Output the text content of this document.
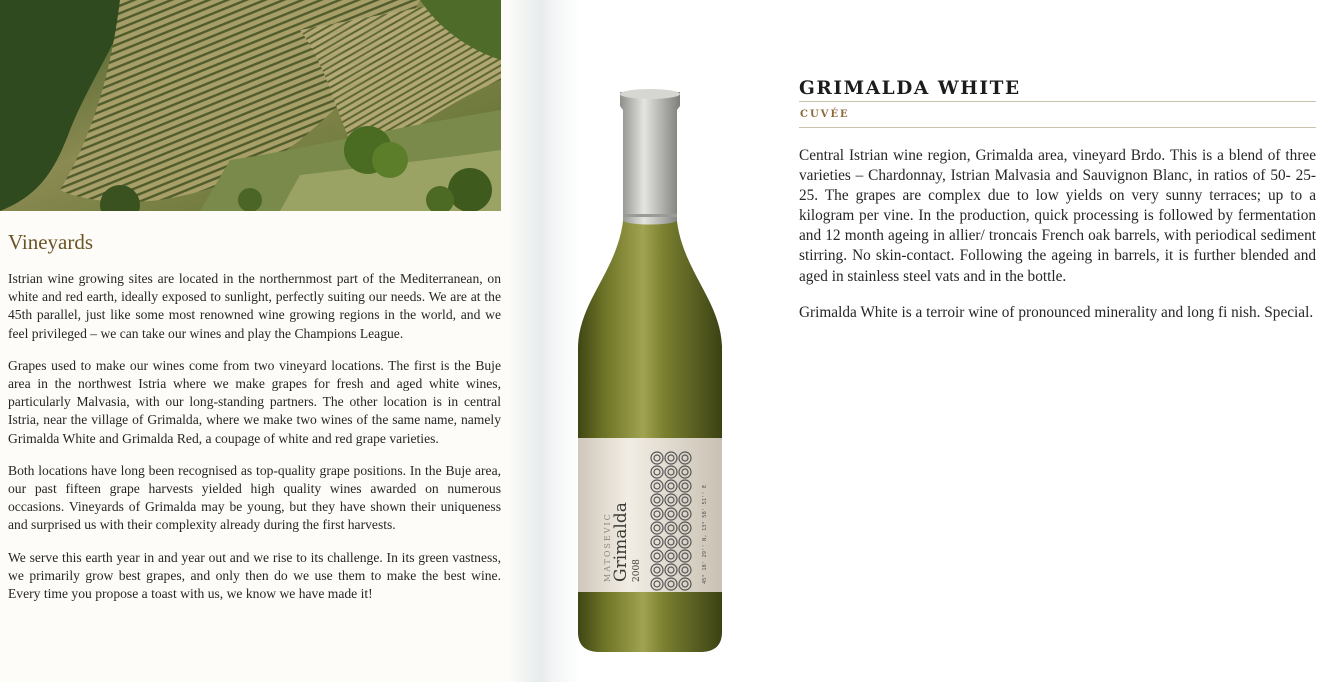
Vineyards

Istrian wine growing sites are located in the northernmost part of the Mediterranean, on white and red earth, ideally exposed to sunlight, perfectly suiting our needs. We are at the 45th parallel, just like some most renowned wine growing regions in the world, and we feel privileged – we can take our wines and play the Champions League.

Grapes used to make our wines come from two vineyard locations. The first is the Buje area in the northwest Istria where we make grapes for fresh and aged white wines, particularly Malvasia, with our long-standing partners. The other location is in central Istria, near the village of Grimalda, where we make two wines of the same name, namely Grimalda White and Grimalda Red, a coupage of white and red grape varieties.

Both locations have long been recognised as top-quality grape positions. In the Buje area, our past fifteen grape harvests yielded high quality wines awarded on numerous occasions. Vineyards of Grimalda may be young, but they have shown their uniqueness and surprised us with their complexity already during the first harvests.

We serve this earth year in and year out and we rise to its challenge. In its green vastness, we primarily grow best grapes, and only then do we use them to make the best wine. Every time you propose a toast with us, we know we have made it!

MATOSEVIC Grimalda 2008	45° 18' 29'' N, 13° 58' 51'' E
GRIMALDA WHITE
CUVÉE

Central Istrian wine region, Grimalda area, vineyard Brdo. This is a blend of three varieties – Chardonnay, Istrian Malvasia and Sauvignon Blanc, in ratios of 50- 25-25. The grapes are complex due to low yields on very sunny terraces; up to a kilogram per vine. In the production, quick processing is followed by fermentation and 12 month ageing in allier/ troncais French oak barrels, with periodical sediment stirring. No skin-contact. Following the ageing in barrels, it is further blended and aged in stainless steel vats and in the bottle.

Grimalda White is a terroir wine of pronounced minerality and long fi nish. Special.
